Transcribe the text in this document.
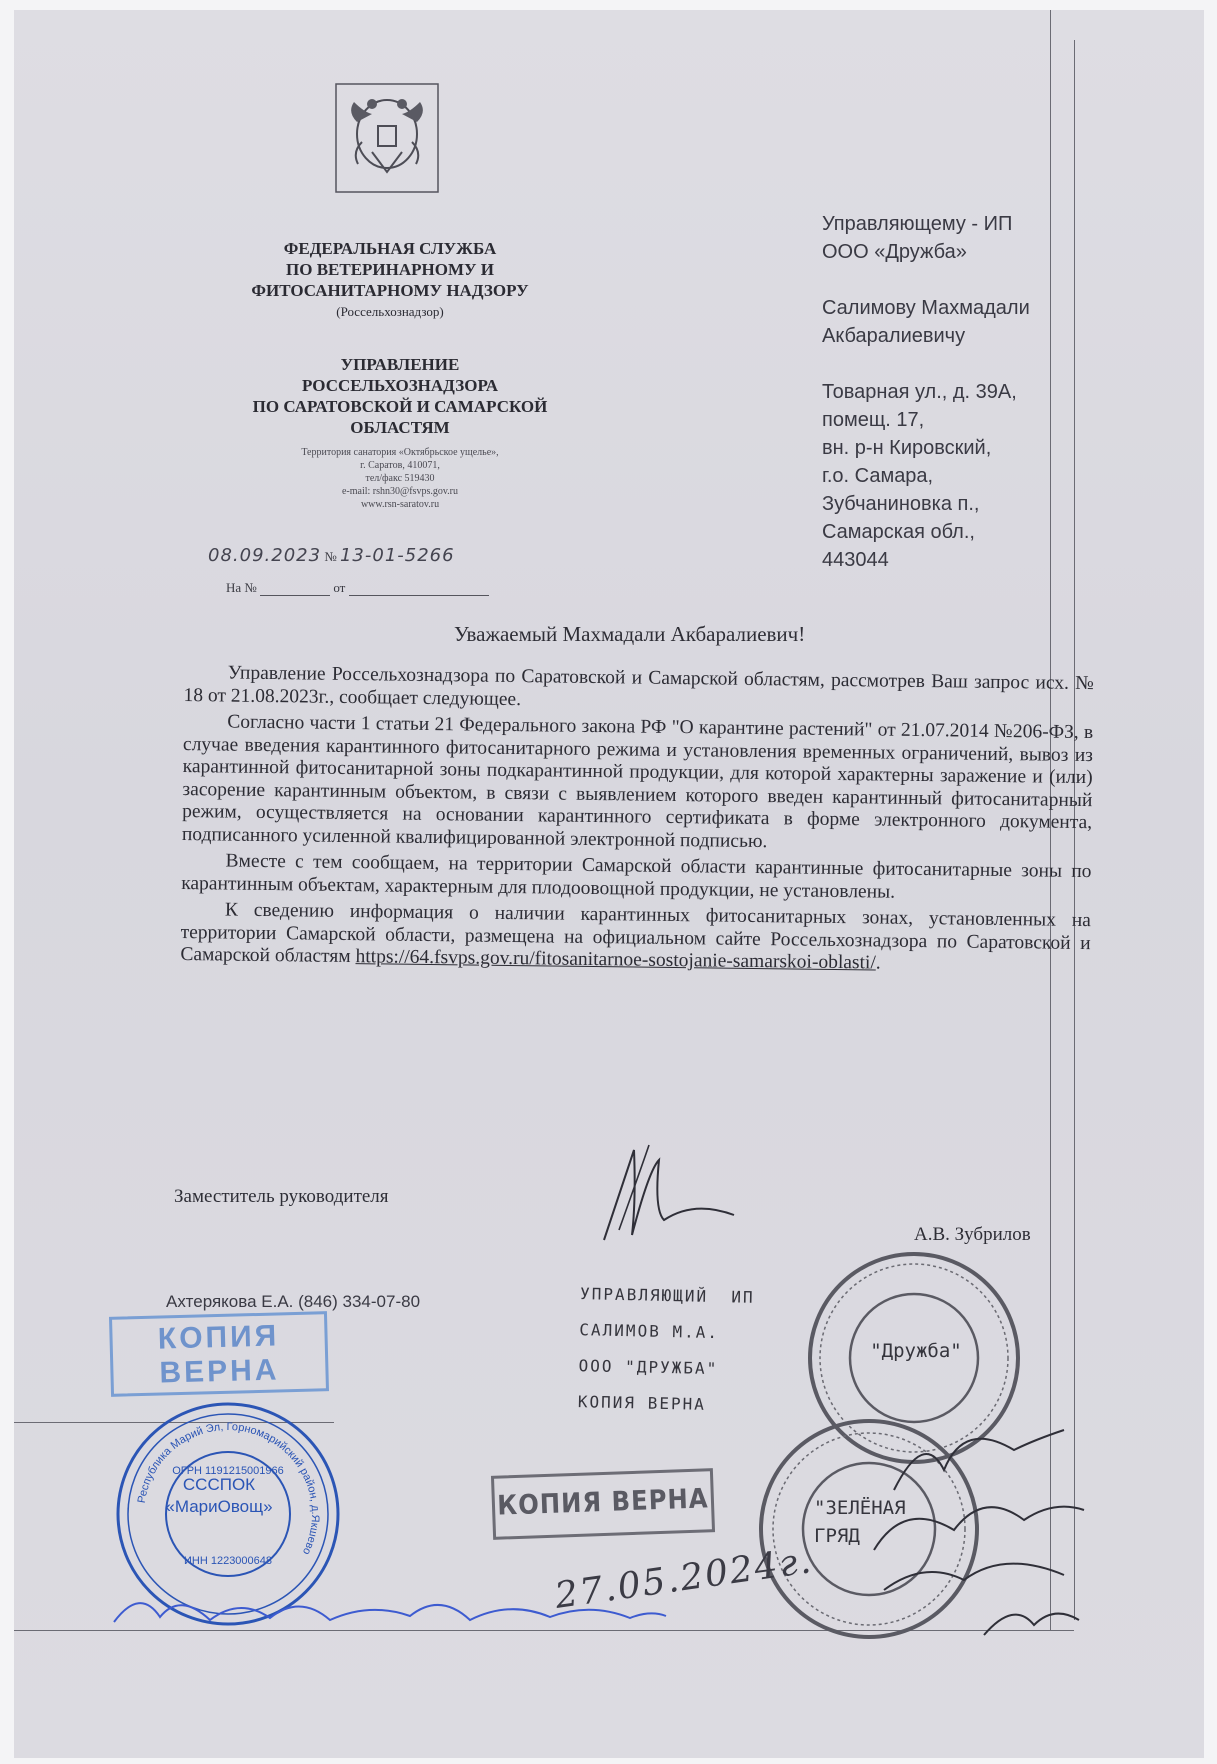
ФЕДЕРАЛЬНАЯ СЛУЖБА
ПО ВЕТЕРИНАРНОМУ И
ФИТОСАНИТАРНОМУ НАДЗОРУ
(Россельхознадзор)
УПРАВЛЕНИЕ
РОССЕЛЬХОЗНАДЗОРА
ПО САРАТОВСКОЙ И САМАРСКОЙ
ОБЛАСТЯМ
Территория санатория «Октябрьское ущелье»,
г. Саратов, 410071,
тел/факс 519430
e-mail: rshn30@fsvps.gov.ru
www.rsn-saratov.ru
08.09.2023 № 13-01-5266
На №	от

Управляющему - ИП

ООО «Дружба»

Салимову Махмадали

Акбаралиевичу

Товарная ул., д. 39А,

помещ. 17,

вн. р-н Кировский,

г.о. Самара,

Зубчаниновка п.,

Самарская обл.,

443044

Уважаемый Махмадали Акбаралиевич!

Управление Россельхознадзора по Саратовской и Самарской областям, рассмотрев Ваш запрос исх. № 18 от 21.08.2023г., сообщает следующее.

Согласно части 1 статьи 21 Федерального закона РФ "О карантине растений" от 21.07.2014 №206-ФЗ, в случае введения карантинного фитосанитарного режима и установления временных ограничений, вывоз из карантинной фитосанитарной зоны подкарантинной продукции, для которой характерны заражение и (или) засорение карантинным объектом, в связи с выявлением которого введен карантинный фитосанитарный режим, осуществляется на основании карантинного сертификата в форме электронного документа, подписанного усиленной квалифицированной электронной подписью.

Вместе с тем сообщаем, на территории Самарской области карантинные фитосанитарные зоны по карантинным объектам, характерным для плодоовощной продукции, не установлены.

К сведению информация о наличии карантинных фитосанитарных зонах, установленных на территории Самарской области, размещена на официальном сайте Россельхознадзора по Саратовской и Самарской областям https://64.fsvps.gov.ru/fitosanitarnoe-sostojanie-samarskoi-oblasti/.

Заместитель руководителя
А.В. Зубрилов
Ахтерякова Е.А. (846) 334-07-80
КОПИЯ
ВЕРНА
УПРАВЛЯЮЩИЙ  ИП
САЛИМОВ М.А.
ООО "ДРУЖБА"
КОПИЯ ВЕРНА
"Дружба"
"ЗЕЛЁНАЯ
ГРЯД
КОПИЯ ВЕРНА
27.05.2024г.
Республика Марий Эл, Горномарийский район, д.Якшево
ОГРН 1191215001966
ИНН 1223000648
СССПОК
«МариОвощ»
